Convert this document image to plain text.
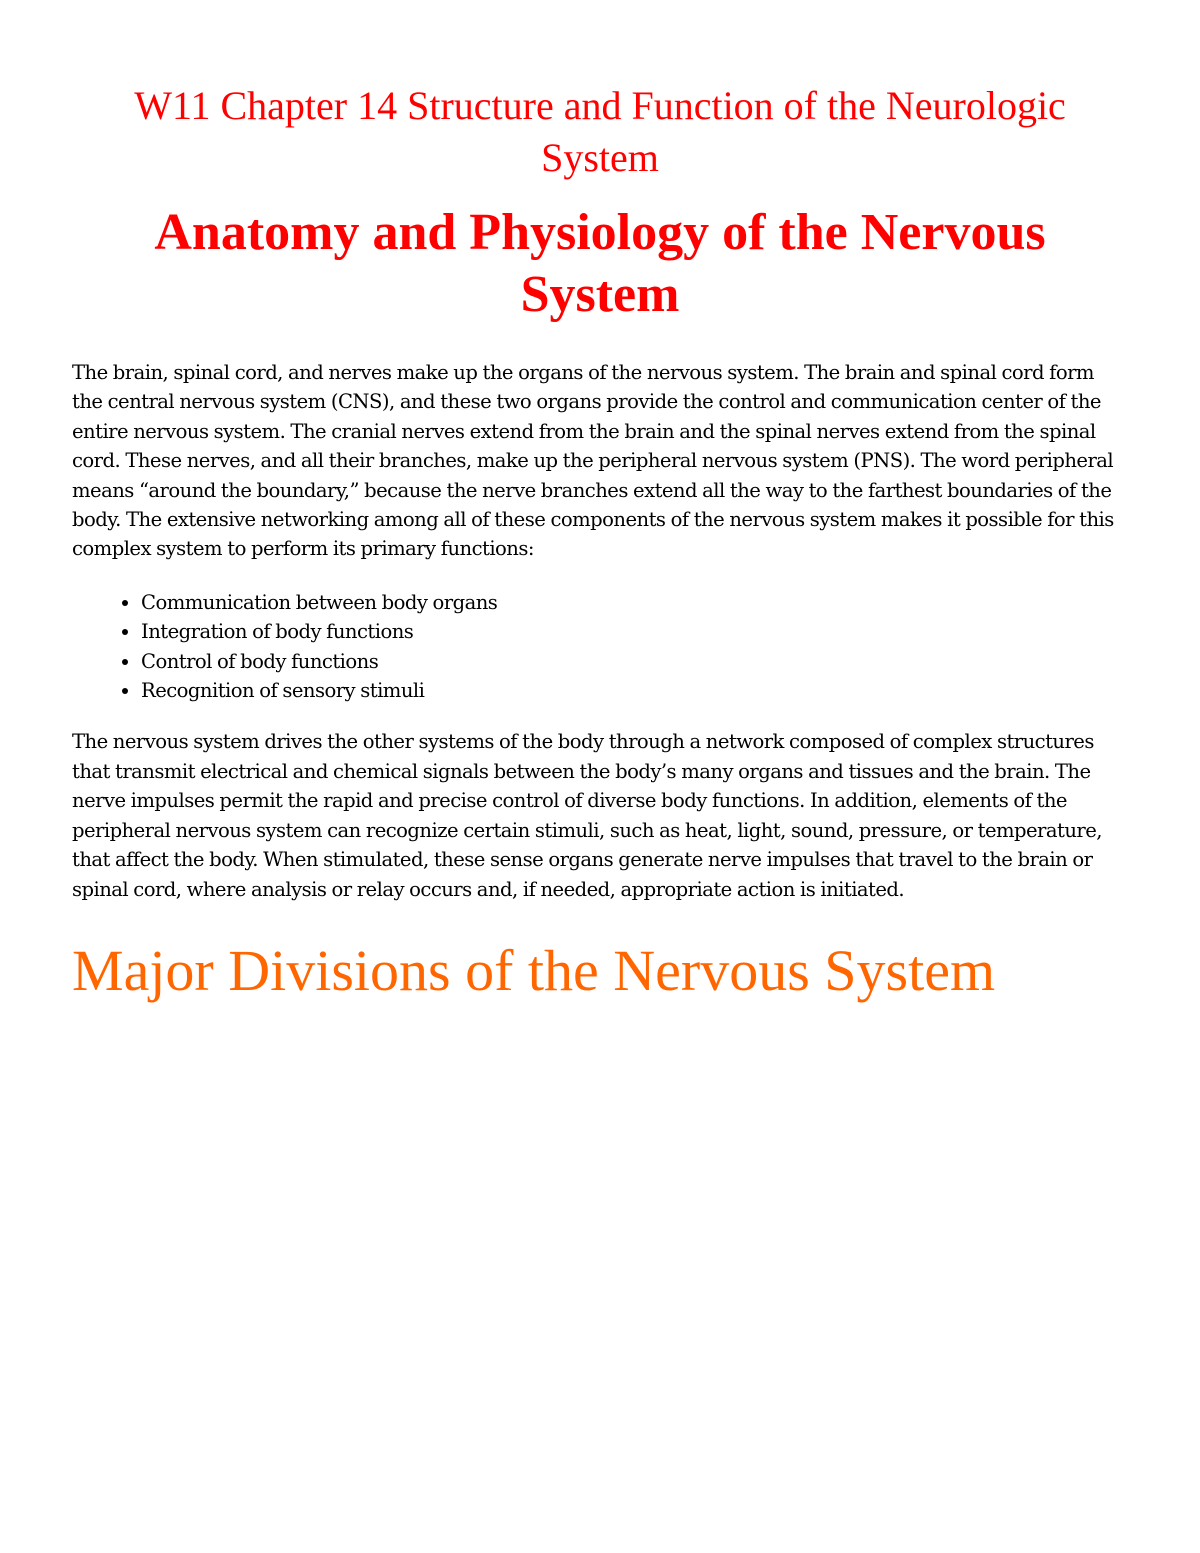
W11 Chapter 14 Structure and Function of the Neurologic System
Anatomy and Physiology of the Nervous System

The brain, spinal cord, and nerves make up the organs of the nervous system. The brain and spinal cord form the central nervous system (CNS), and these two organs provide the control and communication center of the entire nervous system. The cranial nerves extend from the brain and the spinal nerves extend from the spinal cord. These nerves, and all their branches, make up the peripheral nervous system (PNS). The word peripheral means “around the boundary,” because the nerve branches extend all the way to the farthest boundaries of the body. The extensive networking among all of these components of the nervous system makes it possible for this complex system to perform its primary functions:

• Communication between body organs
• Integration of body functions
• Control of body functions
• Recognition of sensory stimuli

The nervous system drives the other systems of the body through a network composed of complex structures that transmit electrical and chemical signals between the body’s many organs and tissues and the brain. The nerve impulses permit the rapid and precise control of diverse body functions. In addition, elements of the peripheral nervous system can recognize certain stimuli, such as heat, light, sound, pressure, or temperature, that affect the body. When stimulated, these sense organs generate nerve impulses that travel to the brain or spinal cord, where analysis or relay occurs and, if needed, appropriate action is initiated.

Major Divisions of the Nervous System
